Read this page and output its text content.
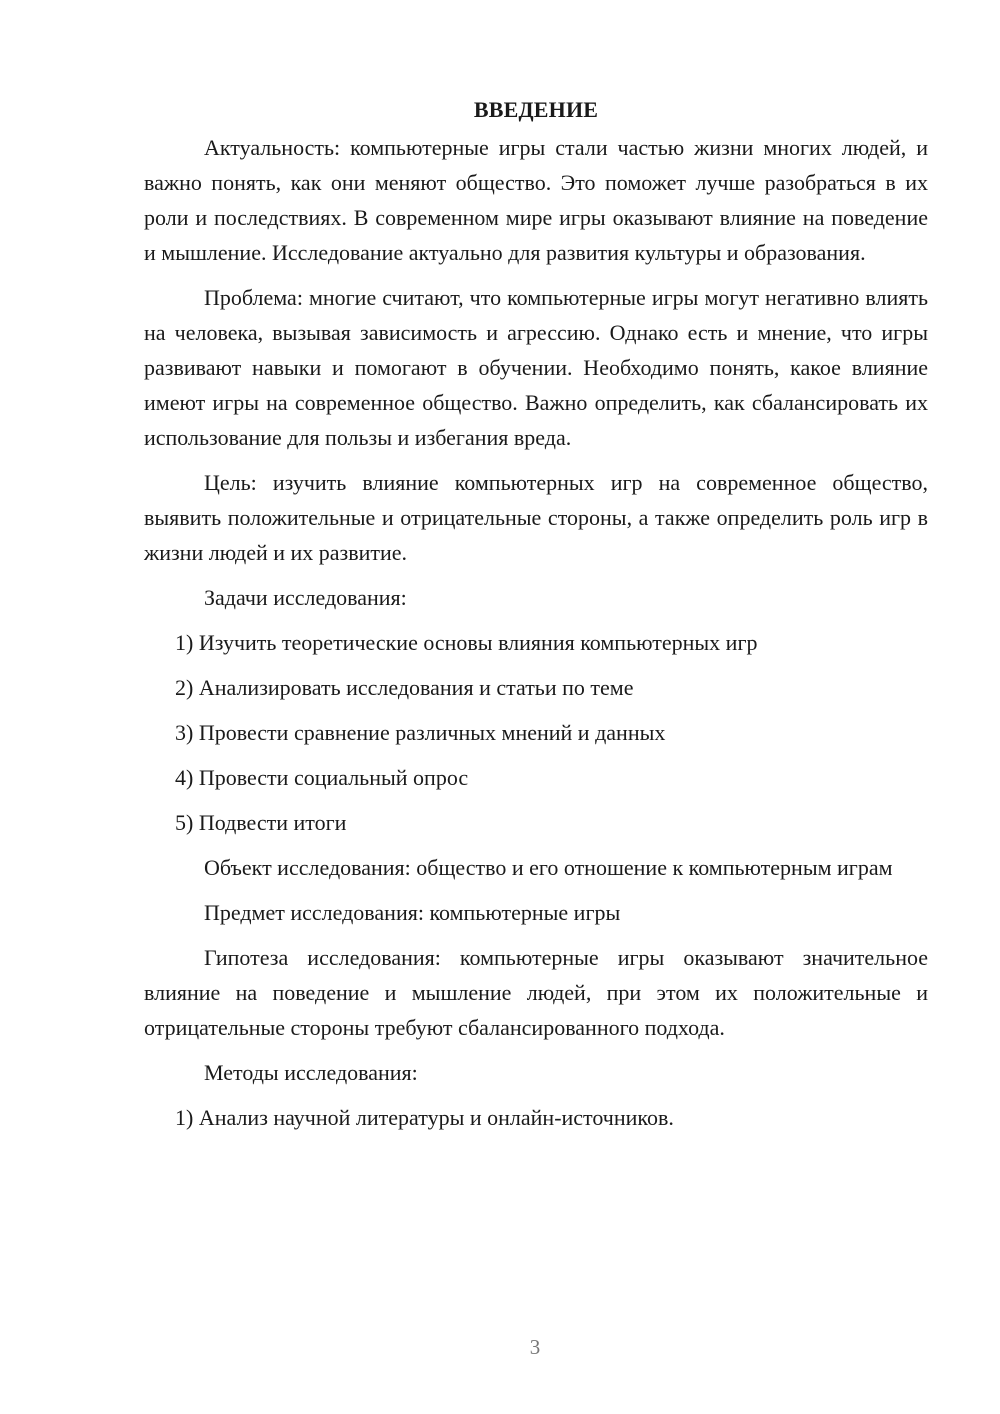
ВВЕДЕНИЕ

Актуальность: компьютерные игры стали частью жизни многих людей, и важно понять, как они меняют общество. Это поможет лучше разобраться в их роли и последствиях. В современном мире игры оказывают влияние на поведение и мышление. Исследование актуально для развития культуры и образования.

Проблема: многие считают, что компьютерные игры могут негативно влиять на человека, вызывая зависимость и агрессию. Однако есть и мнение, что игры развивают навыки и помогают в обучении. Необходимо понять, какое влияние имеют игры на современное общество. Важно определить, как сбалансировать их использование для пользы и избегания вреда.

Цель: изучить влияние компьютерных игр на современное общество, выявить положительные и отрицательные стороны, а также определить роль игр в жизни людей и их развитие.

Задачи исследования:

1) Изучить теоретические основы влияния компьютерных игр

2) Анализировать исследования и статьи по теме

3) Провести сравнение различных мнений и данных

4) Провести социальный опрос

5) Подвести итоги

Объект исследования: общество и его отношение к компьютерным играм

Предмет исследования: компьютерные игры

Гипотеза исследования: компьютерные игры оказывают значительное влияние на поведение и мышление людей, при этом их положительные и отрицательные стороны требуют сбалансированного подхода.

Методы исследования:

1) Анализ научной литературы и онлайн-источников.

3
